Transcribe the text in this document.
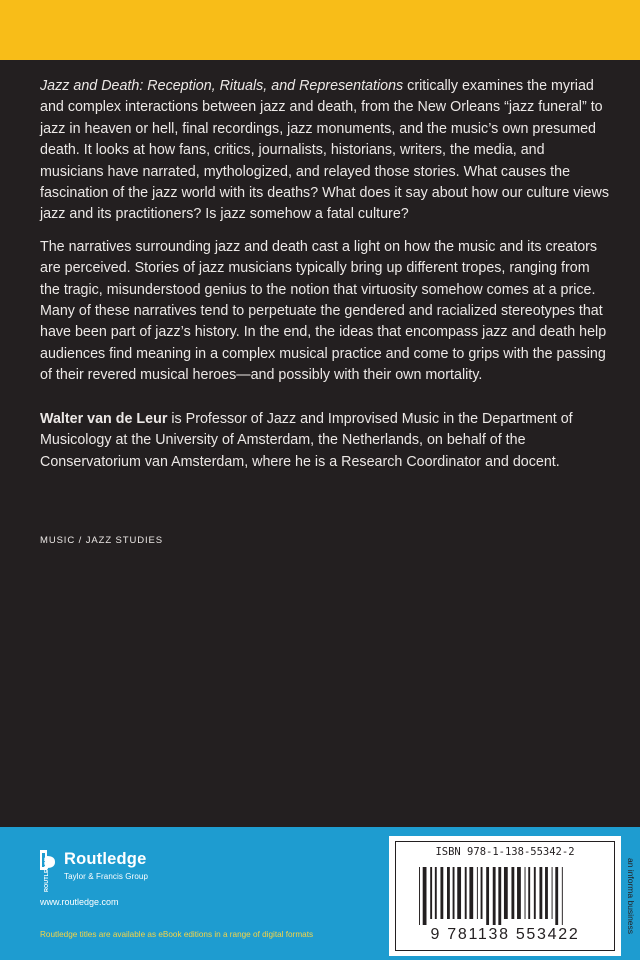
Jazz and Death: Reception, Rituals, and Representations critically examines the myriad and complex interactions between jazz and death, from the New Orleans “jazz funeral” to jazz in heaven or hell, final recordings, jazz monuments, and the music’s own presumed death. It looks at how fans, critics, journalists, historians, writers, the media, and musicians have narrated, mythologized, and relayed those stories. What causes the fascination of the jazz world with its deaths? What does it say about how our culture views jazz and its practitioners? Is jazz somehow a fatal culture?

The narratives surrounding jazz and death cast a light on how the music and its creators are perceived. Stories of jazz musicians typically bring up different tropes, ranging from the tragic, misunderstood genius to the notion that virtuosity somehow comes at a price. Many of these narratives tend to perpetuate the gendered and racialized stereotypes that have been part of jazz’s history. In the end, the ideas that encompass jazz and death help audiences find meaning in a complex musical practice and come to grips with the passing of their revered musical heroes—and possibly with their own mortality.

Walter van de Leur is Professor of Jazz and Improvised Music in the Department of Musicology at the University of Amsterdam, the Netherlands, on behalf of the Conservatorium van Amsterdam, where he is a Research Coordinator and docent.

MUSIC / JAZZ STUDIES
ROUTLEDGE Routledge
Taylor & Francis Group
www.routledge.com
Routledge titles are available as eBook editions in a range of digital formats
ISBN 978-1-138-55342-2
9 781138 553422
an informa business
